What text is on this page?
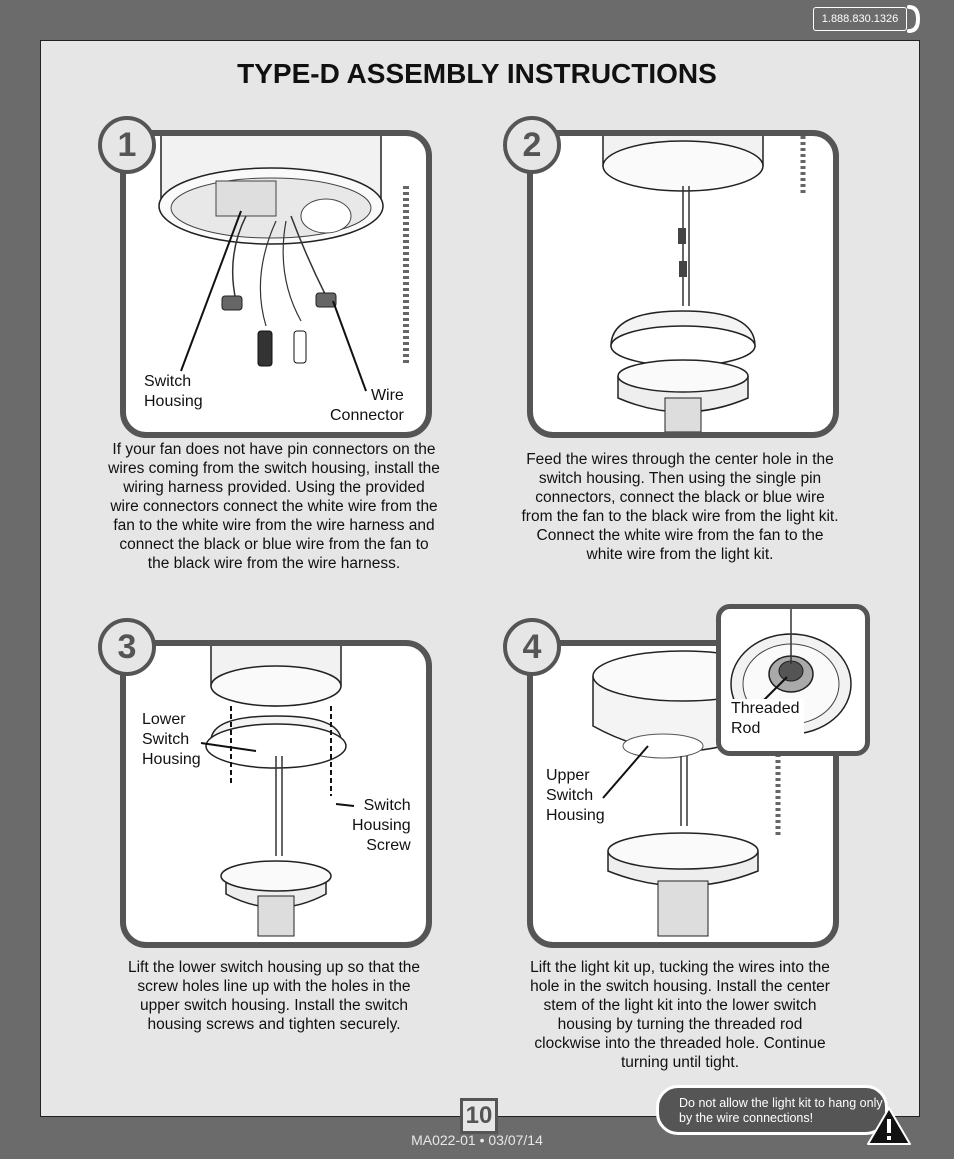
1.888.830.1326
TYPE-D ASSEMBLY INSTRUCTIONS
Switch
Housing	Wire
Connector
1

If your fan does not have pin connectors on the wires coming from the switch housing, install the wiring harness provided. Using the provided wire connectors connect the white wire from the fan to the white wire from the wire harness and connect the black or blue wire from the fan to the black wire from the wire harness.

2

Feed the wires through the center hole in the switch housing. Then using the single pin connectors, connect the black or blue wire from the fan to the black wire from the light kit. Connect the white wire from the fan to the white wire from the light kit.

Lower
Switch
Housing
Switch
Housing
Screw
3

Lift the lower switch housing up so that the screw holes line up with the holes in the upper switch housing. Install the switch housing screws and tighten securely.

Upper
Switch
Housing
4
Threaded
Rod

Lift the light kit up, tucking the wires into the hole in the switch housing. Install the center stem of the light kit into the lower switch housing by turning the threaded rod clockwise into the threaded hole. Continue turning until tight.

10
MA022-01 • 03/07/14
Do not allow the light kit to hang only by the wire connections!
